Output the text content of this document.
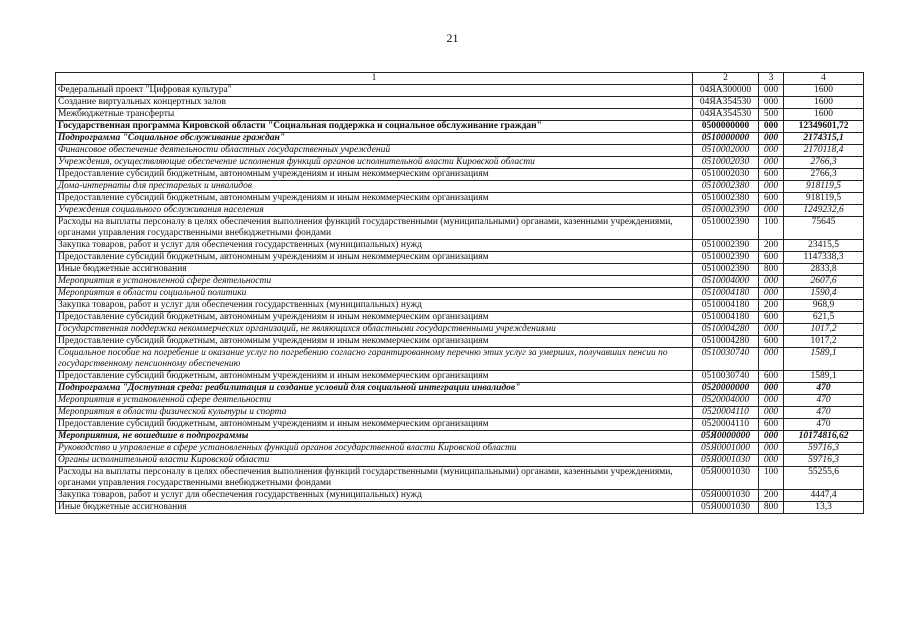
21
1	2	3	4
Федеральный проект "Цифровая культура"	04ЯА300000	000	1600
Создание виртуальных концертных залов	04ЯА354530	000	1600
Межбюджетные трансферты	04ЯА354530	500	1600
Государственная программа Кировской области "Социальная поддержка и социальное обслуживание граждан"	0500000000	000	12349601,72
Подпрограмма "Социальное обслуживание граждан"	0510000000	000	2174315,1
Финансовое обеспечение деятельности областных государственных учреждений	0510002000	000	2170118,4
Учреждения, осуществляющие обеспечение исполнения функций органов исполнительной власти Кировской области	0510002030	000	2766,3
Предоставление субсидий бюджетным, автономным учреждениям и иным некоммерческим организациям	0510002030	600	2766,3
Дома-интернаты для престарелых и инвалидов	0510002380	000	918119,5
Предоставление субсидий бюджетным, автономным учреждениям и иным некоммерческим организациям	0510002380	600	918119,5
Учреждения социального обслуживания населения	0510002390	000	1249232,6
Расходы на выплаты персоналу в целях обеспечения выполнения функций государственными (муниципальными) органами, казенными учреждениями, органами управления государственными внебюджетными фондами	0510002390	100	75645
Закупка товаров, работ и услуг для обеспечения государственных (муниципальных) нужд	0510002390	200	23415,5
Предоставление субсидий бюджетным, автономным учреждениям и иным некоммерческим организациям	0510002390	600	1147338,3
Иные бюджетные ассигнования	0510002390	800	2833,8
Мероприятия в установленной сфере деятельности	0510004000	000	2607,6
Мероприятия в области социальной политики	0510004180	000	1590,4
Закупка товаров, работ и услуг для обеспечения государственных (муниципальных) нужд	0510004180	200	968,9
Предоставление субсидий бюджетным, автономным учреждениям и иным некоммерческим организациям	0510004180	600	621,5
Государственная поддержка некоммерческих организаций, не являющихся областными государственными учреждениями	0510004280	000	1017,2
Предоставление субсидий бюджетным, автономным учреждениям и иным некоммерческим организациям	0510004280	600	1017,2
Социальное пособие на погребение и оказание услуг по погребению согласно гарантированному перечню этих услуг за умерших, получавших пенсии по государственному пенсионному обеспечению	0510030740	000	1589,1
Предоставление субсидий бюджетным, автономным учреждениям и иным некоммерческим организациям	0510030740	600	1589,1
Подпрограмма "Доступная среда: реабилитация и создание условий для социальной интеграции инвалидов"	0520000000	000	470
Мероприятия в установленной сфере деятельности	0520004000	000	470
Мероприятия в области физической культуры и спорта	0520004110	000	470
Предоставление субсидий бюджетным, автономным учреждениям и иным некоммерческим организациям	0520004110	600	470
Мероприятия, не вошедшие в подпрограммы	05Я0000000	000	10174816,62
Руководство и управление в сфере установленных функций органов государственной власти Кировской области	05Я0001000	000	59716,3
Органы исполнительной власти Кировской области	05Я0001030	000	59716,3
Расходы на выплаты персоналу в целях обеспечения выполнения функций государственными (муниципальными) органами, казенными учреждениями, органами управления государственными внебюджетными фондами	05Я0001030	100	55255,6
Закупка товаров, работ и услуг для обеспечения государственных (муниципальных) нужд	05Я0001030	200	4447,4
Иные бюджетные ассигнования	05Я0001030	800	13,3
